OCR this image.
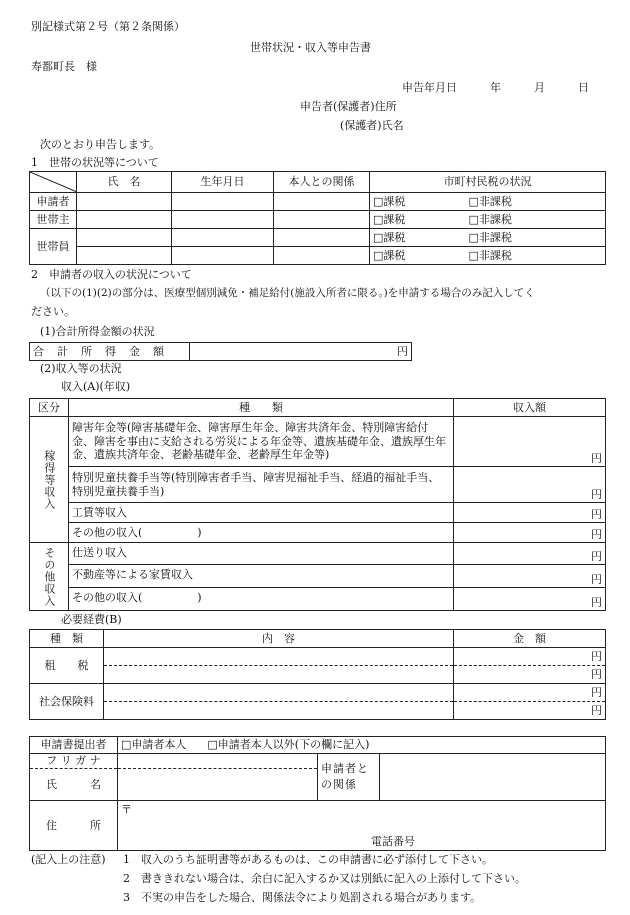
別記様式第２号（第２条関係）
世帯状況・収入等申告書
寿都町長　様
申告年月日　　　年　　　月　　　日
申告者(保護者)住所
(保護者)氏名
次のとおり申告します。
1　世帯の状況等について
	氏　名	生年月日	本人との関係	市町村民税の状況	
申請者				□課税	□非課税
世帯主				□課税	□非課税
世帯員				□課税	□非課税
				□課税	□非課税
2　申請者の収入の状況について
（以下の(1)(2)の部分は、医療型個別減免・補足給付(施設入所者に限る。)を申請する場合のみ記入してく
ださい。
(1)合計所得金額の状況
合　計　所　得　金　額	円
(2)収入等の状況
収入(A)(年収)
区分	種　　類	収入額
稼得等収入	障害年金等(障害基礎年金、障害厚生年金、障害共済年金、特別障害給付金、障害を事由に支給される労災による年金等、遺族基礎年金、遺族厚生年金、遺族共済年金、老齢基礎年金、老齢厚生年金等)	円
	特別児童扶養手当等(特別障害者手当、障害児福祉手当、経過的福祉手当、特別児童扶養手当)	円
	工賃等収入	円
	その他の収入(　　　　　)	円
その他収入	仕送り収入	円
	不動産等による家賃収入	円
	その他の収入(　　　　　)	円
必要経費(B)
種　類	内　容	金　額
租　　税		円
		円
社会保険料		円
		円
申請書提出者	□申請者本人 □申請者本人以外(下の欄に記入)		
フ リ ガ ナ		申請者との関係	
氏　　　名			
住　　　所	〒
電話番号		
(記入上の注意) 1　収入のうち証明書等があるものは、この申請書に必ず添付して下さい。
2　書ききれない場合は、余白に記入するか又は別紙に記入の上添付して下さい。
3　不実の申告をした場合、関係法令により処罰される場合があります。
